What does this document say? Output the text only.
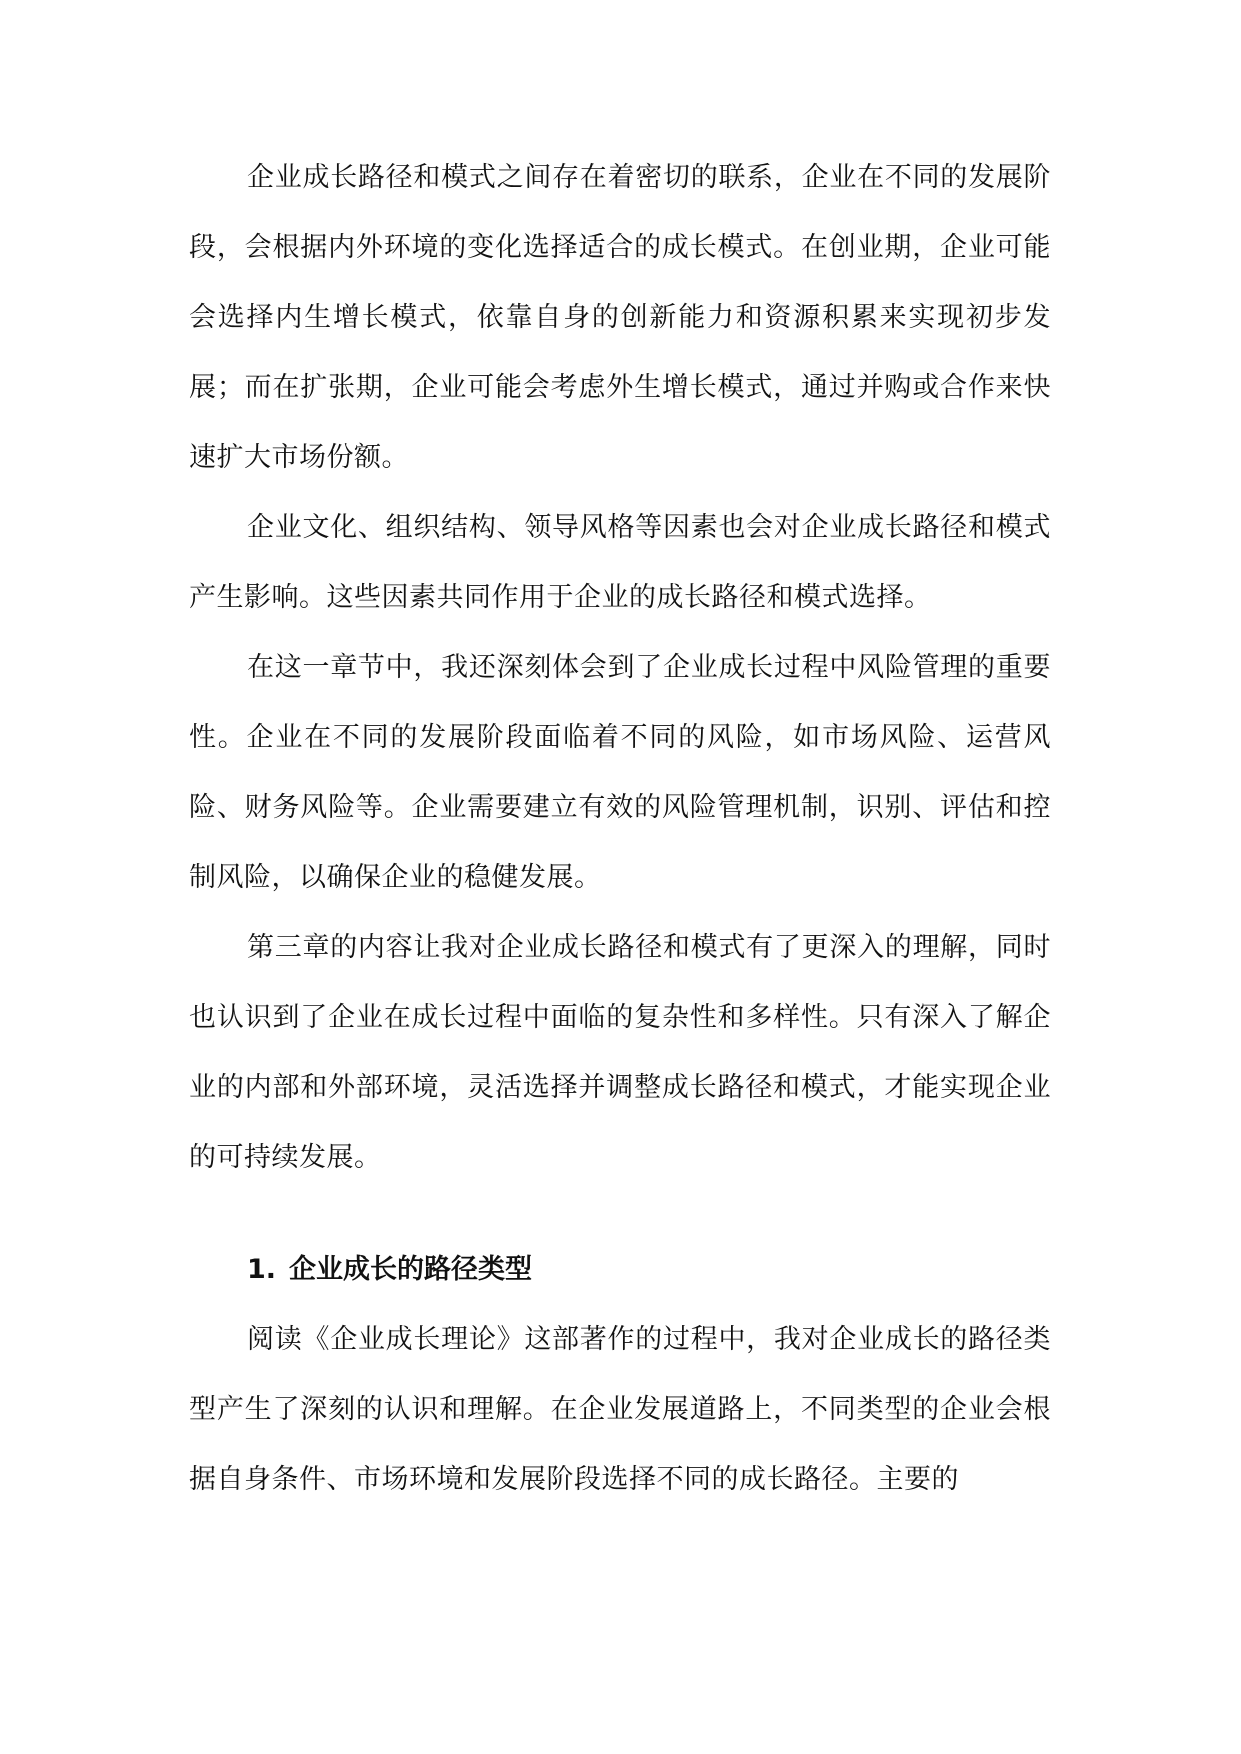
企业成长路径和模式之间存在着密切的联系，企业在不同的发展阶段，会根据内外环境的变化选择适合的成长模式。在创业期，企业可能会选择内生增长模式，依靠自身的创新能力和资源积累来实现初步发展；而在扩张期，企业可能会考虑外生增长模式，通过并购或合作来快速扩大市场份额。

企业文化、组织结构、领导风格等因素也会对企业成长路径和模式产生影响。这些因素共同作用于企业的成长路径和模式选择。

在这一章节中，我还深刻体会到了企业成长过程中风险管理的重要性。企业在不同的发展阶段面临着不同的风险，如市场风险、运营风险、财务风险等。企业需要建立有效的风险管理机制，识别、评估和控制风险，以确保企业的稳健发展。

第三章的内容让我对企业成长路径和模式有了更深入的理解，同时也认识到了企业在成长过程中面临的复杂性和多样性。只有深入了解企业的内部和外部环境，灵活选择并调整成长路径和模式，才能实现企业的可持续发展。

1. 企业成长的路径类型

阅读《企业成长理论》这部著作的过程中，我对企业成长的路径类型产生了深刻的认识和理解。在企业发展道路上，不同类型的企业会根据自身条件、市场环境和发展阶段选择不同的成长路径。主要的
